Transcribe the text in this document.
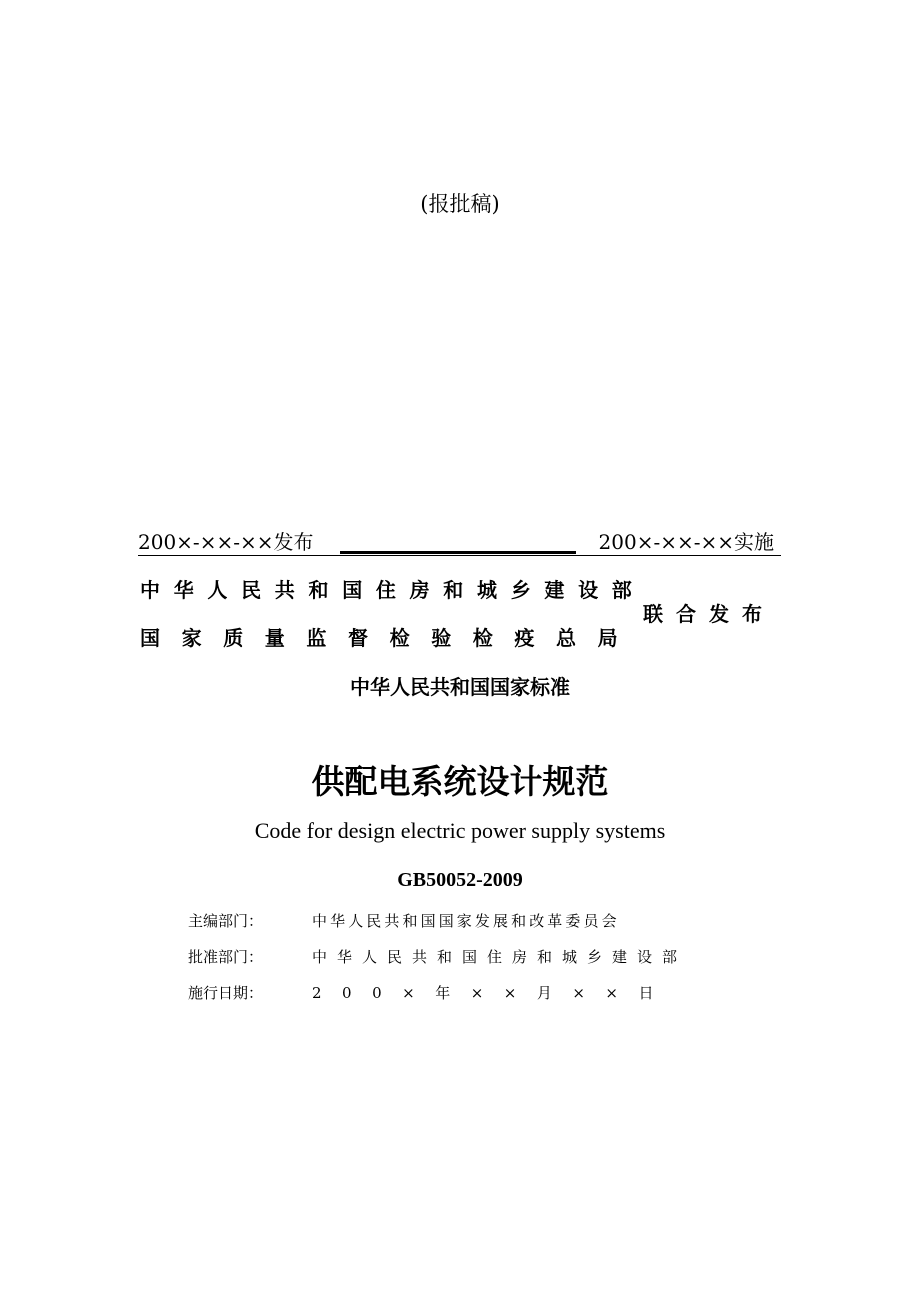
(报批稿)
200×-××-××发布	200×-××-××实施
中华人民共和国住房和城乡建设部
国家质量监督检验检疫总局
联合发布
中华人民共和国国家标准
供配电系统设计规范
Code for design electric power supply systems
GB50052-2009
主编部门：	中华人民共和国国家发展和改革委员会
批准部门：	中华人民共和国住房和城乡建设部
施行日期：	200×年××月××日
